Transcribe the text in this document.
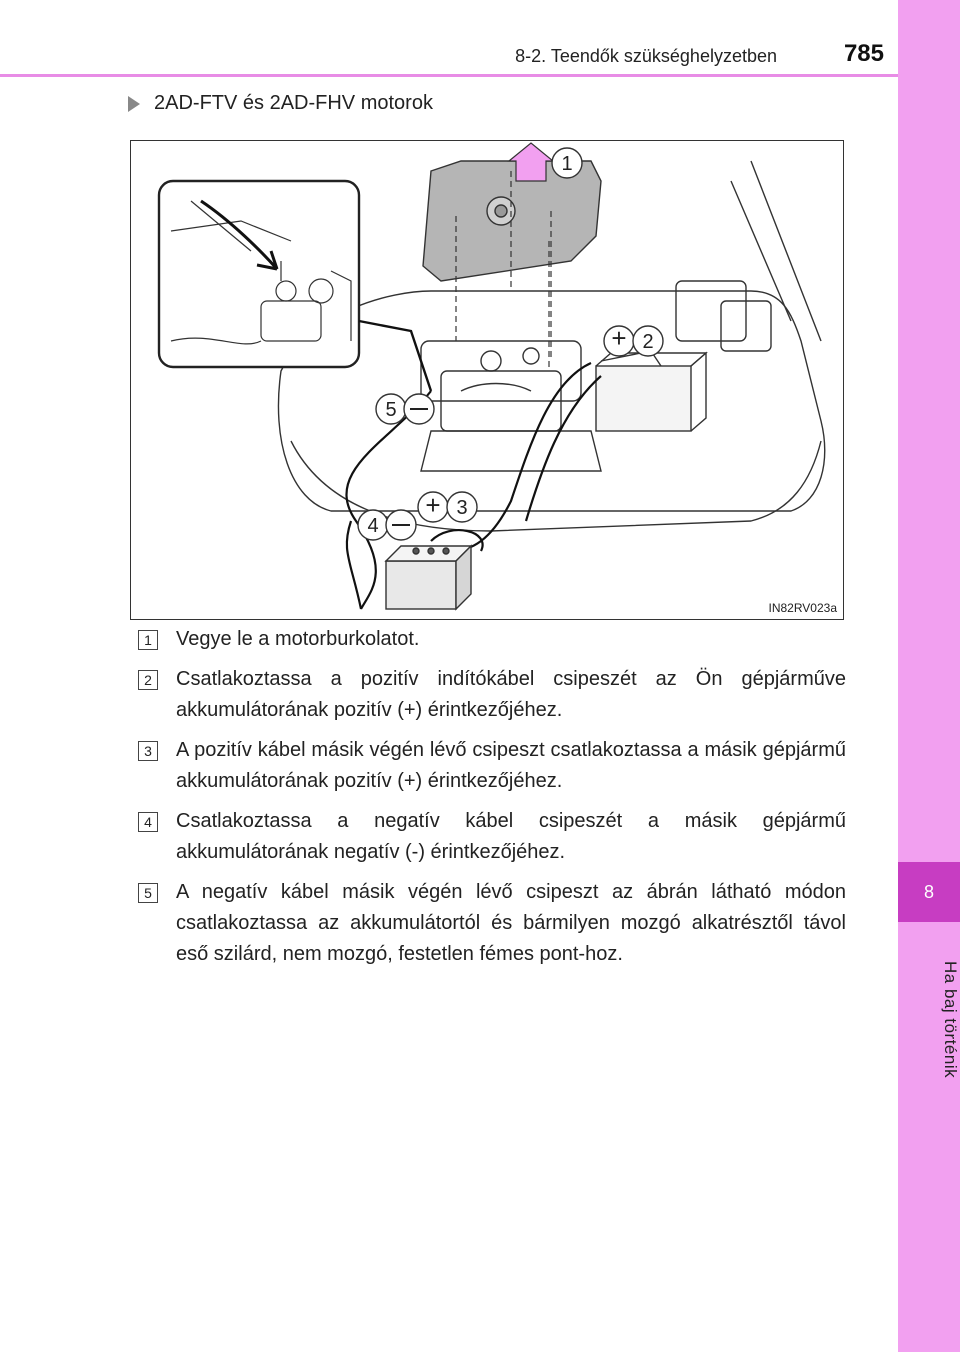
8
Ha baj történik
8-2. Teendők szükséghelyzetben	785
2AD-FTV és 2AD-FHV motorok
1
+ 2
+ 3
4
5
IN82RV023a
1	Vegye le a motorburkolatot.
2	Csatlakoztassa a pozitív indítókábel csipeszét az Ön gépjárműve akkumulátorának pozitív (+) érintkezőjéhez.
3	A pozitív kábel másik végén lévő csipeszt csatlakoztassa a másik gépjármű akkumulátorának pozitív (+) érintkezőjéhez.
4	Csatlakoztassa a negatív kábel csipeszét a másik gépjármű akkumulátorának negatív (-) érintkezőjéhez.
5	A negatív kábel másik végén lévő csipeszt az ábrán látható módon csatlakoztassa az akkumulátortól és bármilyen mozgó alkatrésztől távol eső szilárd, nem mozgó, festetlen fémes pont-hoz.
